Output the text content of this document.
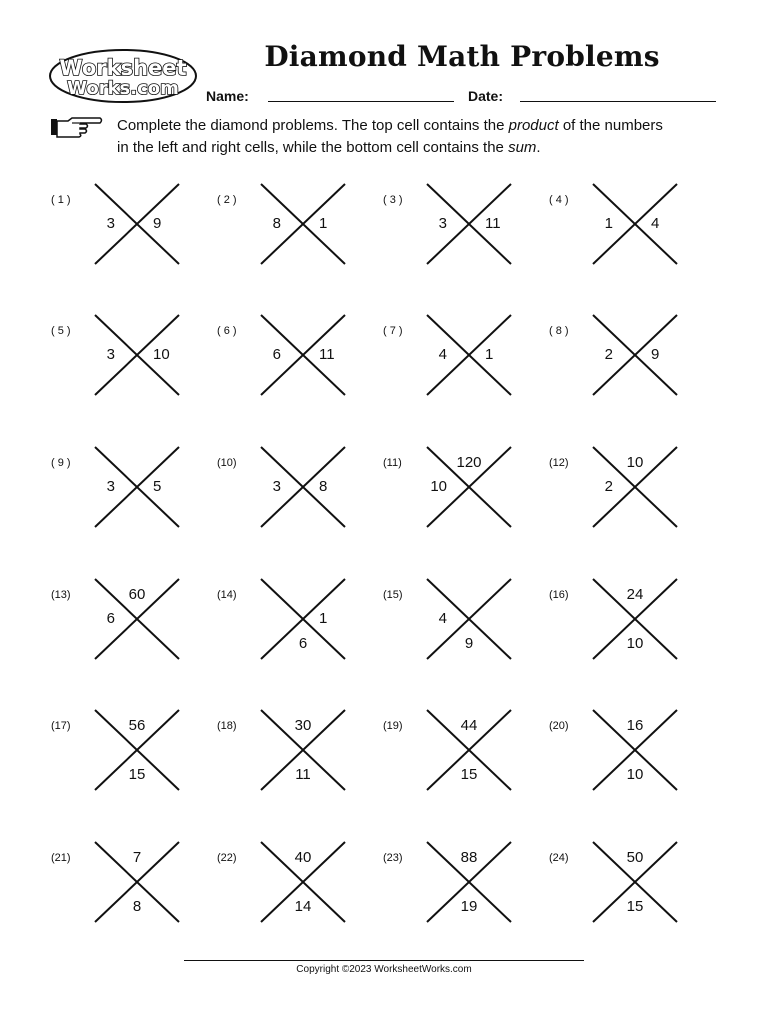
Worksheet
Works.com
Diamond Math Problems
Name:	Date:
Complete the diamond problems. The top cell contains the product of the numbers in the left and right cells, while the bottom cell contains the sum.
( 1 )
3	9
( 2 )
8	1
( 3 )
3	11
( 4 )
1	4
( 5 )
3	10
( 6 )
6	11
( 7 )
4	1
( 8 )
2	9
( 9 )
3	5
(10)
3	8
(11)	120
10
(12)	10
2
(13)	60
6
(14)
1
6
(15)
4
9
(16)	24
10
(17)	56
15
(18)	30
11
(19)	44
15
(20)	16
10
(21)	7
8
(22)	40
14
(23)	88
19
(24)	50
15
Copyright ©2023 WorksheetWorks.com
